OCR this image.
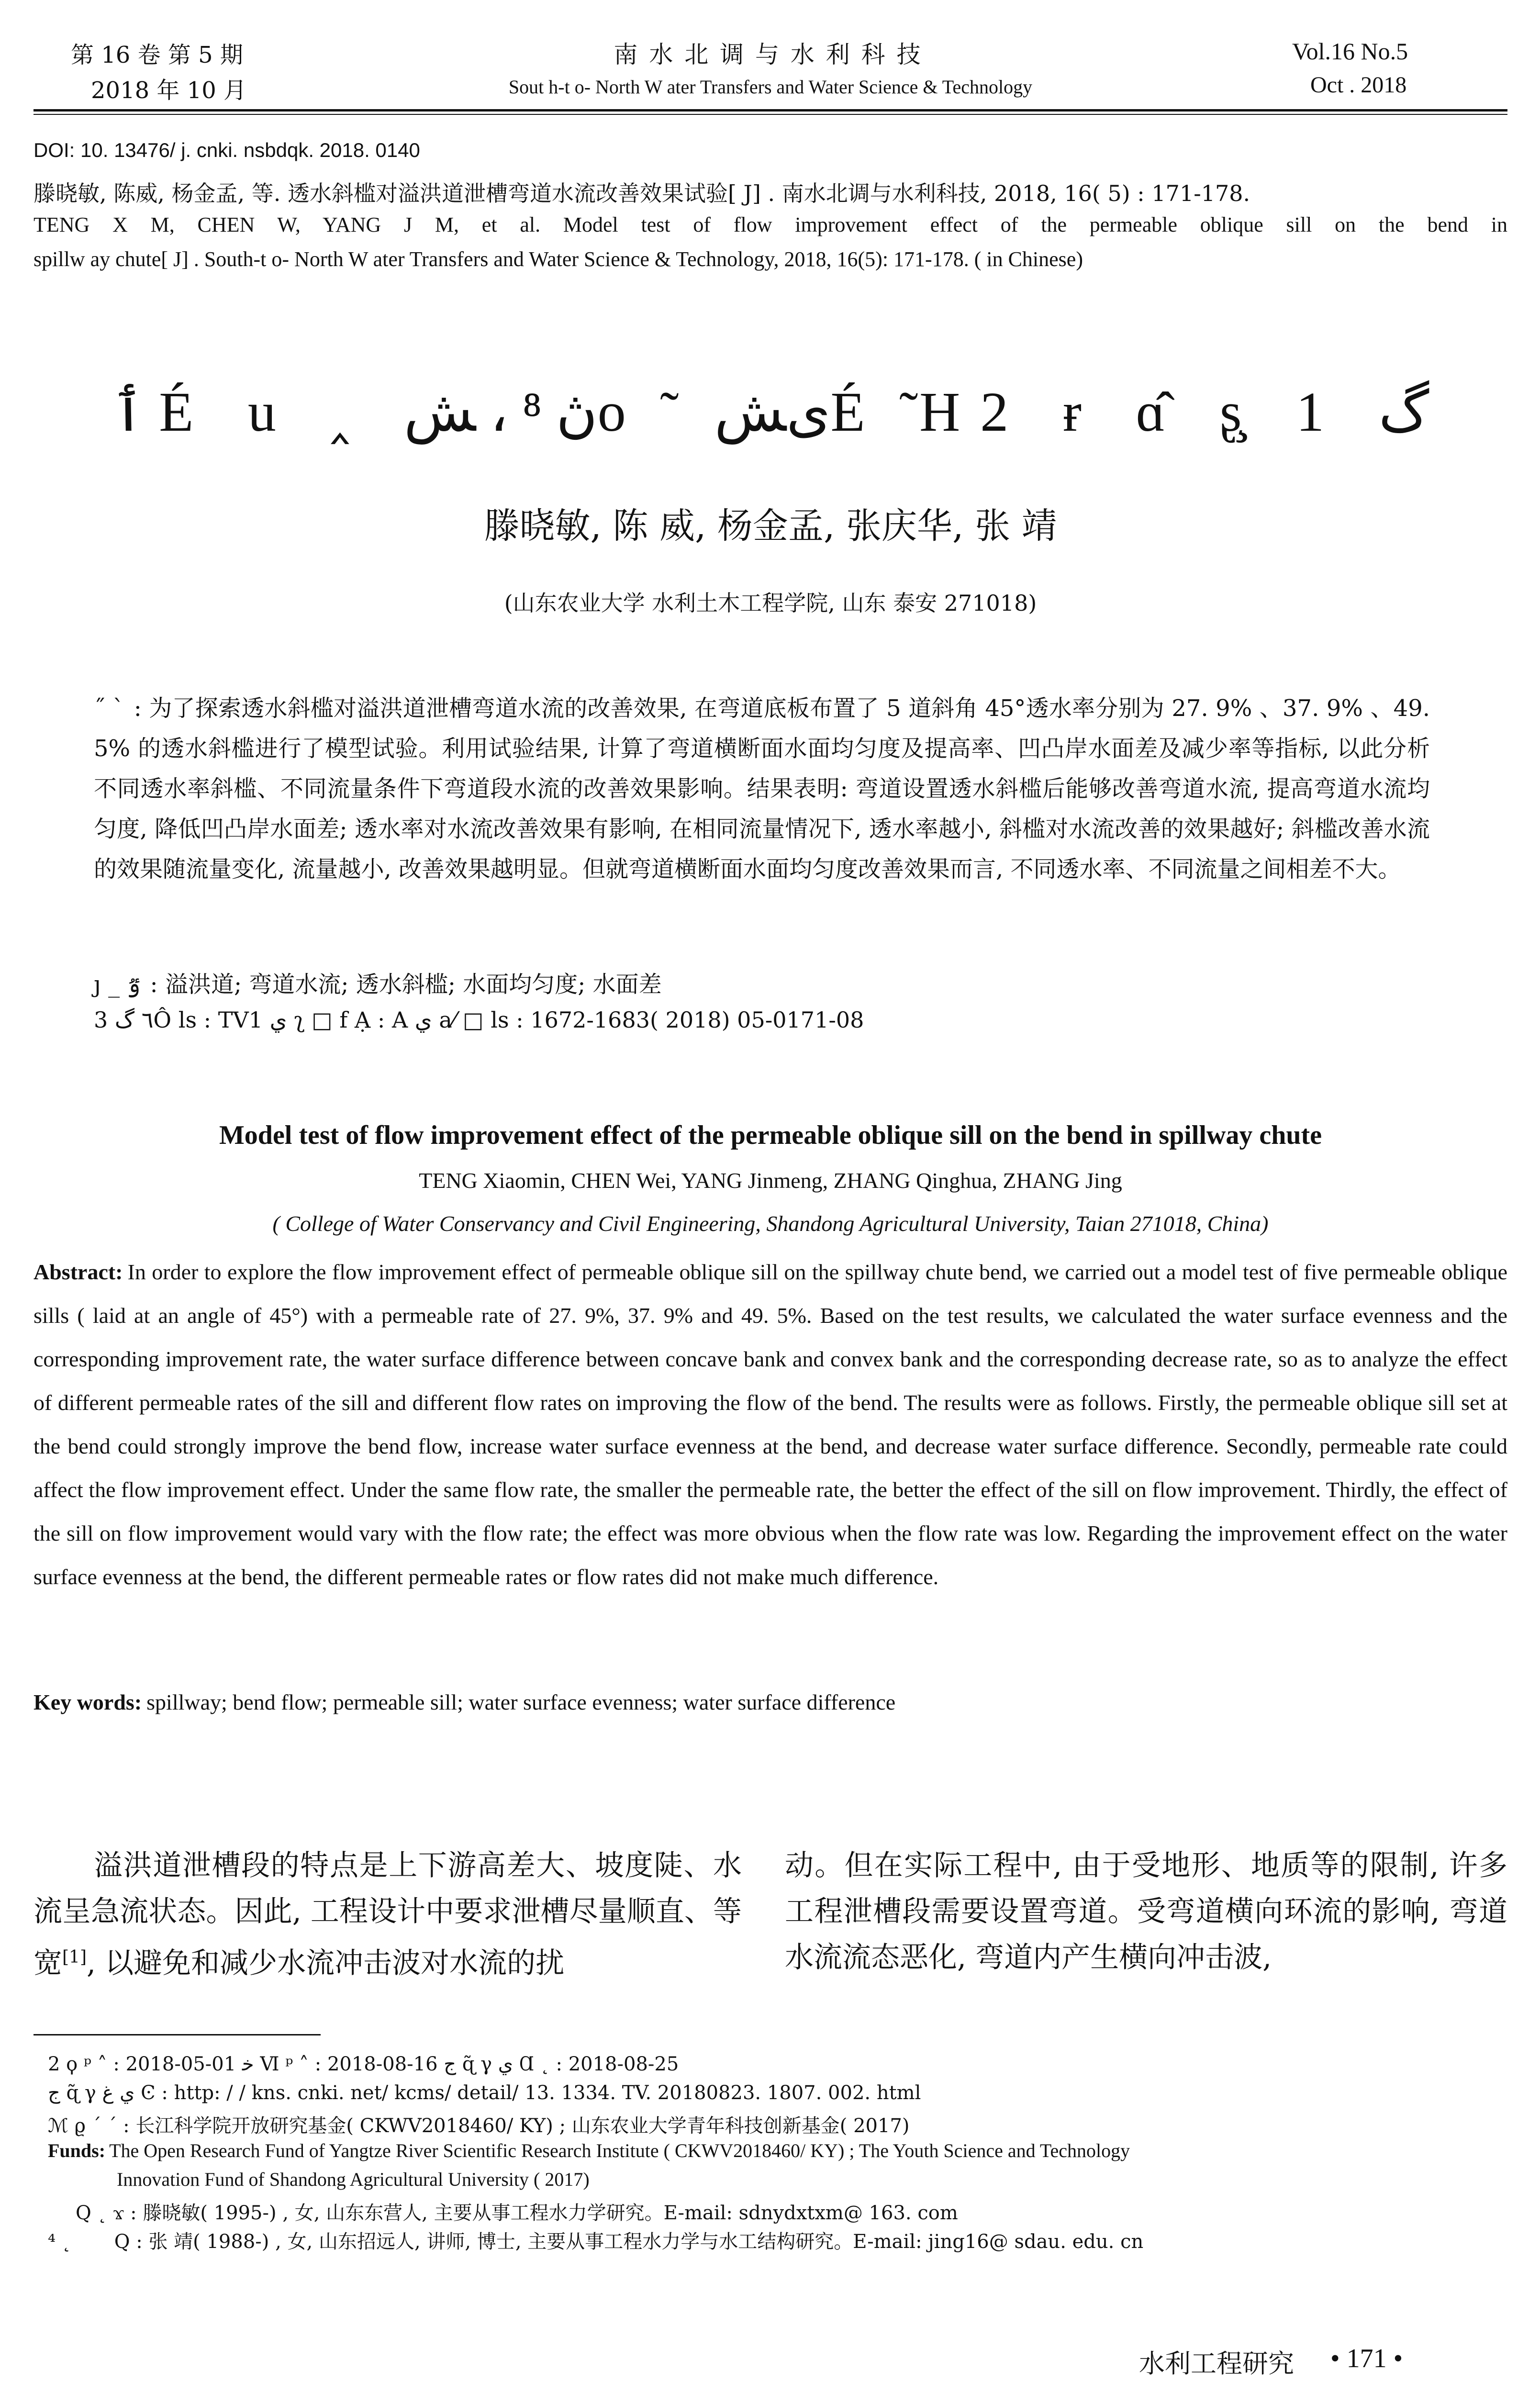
第 16 卷 第 5 期
2018 年 10 月
南 水 北 调 与 水 利 科 技
Sout h-t o- North W ater Transfers and Water Science & Technology
Vol.16 No.5
Oct . 2018
DOI: 10. 13476/ j. cnki. nsbdqk. 2018. 0140
滕晓敏, 陈威, 杨金孟, 等. 透水斜槛对溢洪道泄槽弯道水流改善效果试验[ J] . 南水北调与水利科技, 2018, 16( 5) : 171-178.
TENG X M, CHEN W, YANG J M, et al. Model test of flow improvement effect of the permeable oblique sill on the bend in
spillw ay chute[ J] . South-t o- North W ater Transfers and Water Science & Technology, 2018, 16(5): 171-178. ( in Chinese)
ٲ É u ‸ ڽ ⁸ ، ﺶo ̃ ﯼﺶÉ ̃H2 ɍ ɑ̂ ʂ̧ 1 ﮒ
滕晓敏, 陈 威, 杨金孟, 张庆华, 张 靖
(山东农业大学 水利土木工程学院, 山东 泰安 271018)
˝ ˋ : 为了探索透水斜槛对溢洪道泄槽弯道水流的改善效果, 在弯道底板布置了 5 道斜角 45°透水率分别为 27. 9% 、37. 9% 、49. 5% 的透水斜槛进行了模型试验。利用试验结果, 计算了弯道横断面水面均匀度及提高率、凹凸岸水面差及减少率等指标, 以此分析不同透水率斜槛、不同流量条件下弯道段水流的改善效果影响。结果表明: 弯道设置透水斜槛后能够改善弯道水流, 提高弯道水流均匀度, 降低凹凸岸水面差; 透水率对水流改善效果有影响, 在相同流量情况下, 透水率越小, 斜槛对水流改善的效果越好; 斜槛改善水流的效果随流量变化, 流量越小, 改善效果越明显。但就弯道横断面水面均匀度改善效果而言, 不同透水率、不同流量之间相差不大。
ȷ _ ٷ : 溢洪道; 弯道水流; 透水斜槛; 水面均匀度; 水面差
3 ٦ ﮒÔ ls : TV1 ﻱ ʅ □ f Ạ : A ﻱ a⁄ □ ls : 1672-1683( 2018) 05-0171-08
Model test of flow improvement effect of the permeable oblique sill on the bend in spillway chute
TENG Xiaomin, CHEN Wei, YANG Jinmeng, ZHANG Qinghua, ZHANG Jing
( College of Water Conservancy and Civil Engineering, Shandong Agricultural University, Taian 271018, China)
Abstract: In order to explore the flow improvement effect of permeable oblique sill on the spillway chute bend, we carried out a model test of five permeable oblique sills ( laid at an angle of 45°) with a permeable rate of 27. 9%, 37. 9% and 49. 5%. Based on the test results, we calculated the water surface evenness and the corresponding improvement rate, the water surface difference between concave bank and convex bank and the corresponding decrease rate, so as to analyze the effect of different permeable rates of the sill and different flow rates on improving the flow of the bend. The results were as follows. Firstly, the permeable oblique sill set at the bend could strongly improve the bend flow, increase water surface evenness at the bend, and decrease water surface difference. Secondly, permeable rate could affect the flow improvement effect. Under the same flow rate, the smaller the permeable rate, the better the effect of the sill on flow improvement. Thirdly, the effect of the sill on flow improvement would vary with the flow rate; the effect was more obvious when the flow rate was low. Regarding the improvement effect on the water surface evenness at the bend, the different permeable rates or flow rates did not make much difference.
Key words: spillway; bend flow; permeable sill; water surface evenness; water surface difference
溢洪道泄槽段的特点是上下游高差大、坡度陡、水流呈急流状态。因此, 工程设计中要求泄槽尽量顺直、等宽[1], 以避免和减少水流冲击波对水流的扰
动。但在实际工程中, 由于受地形、地质等的限制, 许多工程泄槽段需要设置弯道。受弯道横向环流的影响, 弯道水流流态恶化, 弯道内产生横向冲击波,
2 ϙ ᵖ ˄ : 2018-05-01 ﺧ Ⅵ ᵖ ˄ : 2018-08-16 ﺝ ɋ̃ γ ي Ɑ ˛ : 2018-08-25
ﺝ ɋ̃ γ ي ﻍ Ͼ : http: / / kns. cnki. net/ kcms/ detail/ 13. 1334. TV. 20180823. 1807. 002. html
ℳ ϱ ˊ ˊ : 长江科学院开放研究基金( CKWV2018460/ KY) ; 山东农业大学青年科技创新基金( 2017)
Funds: The Open Research Fund of Yangtze River Scientific Research Institute ( CKWV2018460/ KY) ; The Youth Science and Technology
Innovation Fund of Shandong Agricultural University ( 2017)
Q ˛ ϫ : 滕晓敏( 1995-) , 女, 山东东营人, 主要从事工程水力学研究。E-mail: sdnydxtxm@ 163. com
⁴ ˛ Q : 张 靖( 1988-) , 女, 山东招远人, 讲师, 博士, 主要从事工程水力学与水工结构研究。E-mail: jing16@ sdau. edu. cn
水利工程研究 • 171 •
